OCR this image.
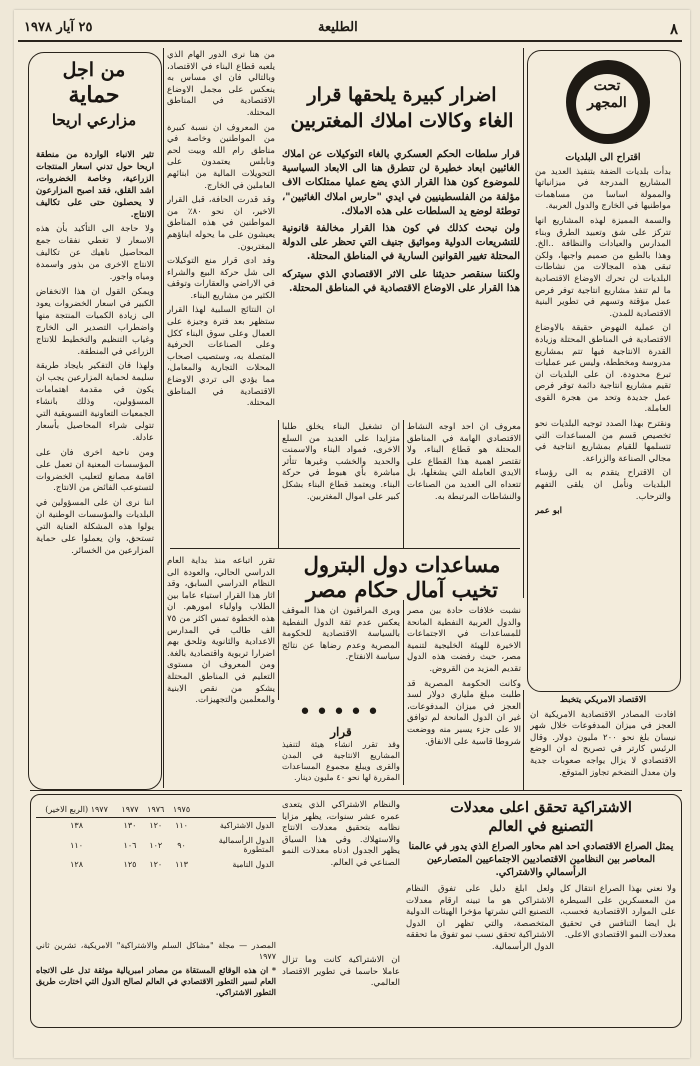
٨
الطليعة
٢٥ آيار ١٩٧٨
تحت
المجهر

اقتراح الى البلديات

بدأت بلديات الضفة بتنفيذ العديد من المشاريع المدرجة في ميزانياتها والممولة اساسا من مساهمات مواطنيها في الخارج والدول العربية.

والسمة المميزة لهذه المشاريع انها تتركز على شق وتعبيد الطرق وبناء المدارس والعيادات والنظافة ..الخ. وهذا بالطبع من صميم واجبها، ولكن تبقى هذه المجالات من نشاطات البلديات لن تحرك الاوضاع الاقتصادية ما لم تنفذ مشاريع انتاجية توفر فرص عمل مؤقتة وتسهم في تطوير البنية الاقتصادية للمدن.

ان عملية النهوض حقيقة بالاوضاع الاقتصادية في المناطق المحتلة وزيادة القدرة الانتاجية فيها تتم بمشاريع مدروسة ومخططة، وليس عبر عمليات تبرع محدودة. ان على البلديات ان تقيم مشاريع انتاجية دائمة توفر فرص عمل جديدة وتحد من هجرة القوى العاملة.

ونقترح بهذا الصدد توجيه البلديات نحو تخصيص قسم من المساعدات التي تتسلمها للقيام بمشاريع انتاجية في مجالي الصناعة والزراعة.

ان الاقتراح يتقدم به الى رؤساء البلديات ونأمل ان يلقى التفهم والترحاب.

ابو عمر

الاقتصاد الامريكي يتخبط

افادت المصادر الاقتصادية الامريكية ان العجز في ميزان المدفوعات خلال شهر نيسان بلغ نحو ٢٠٠ مليون دولار. وقال الرئيس كارتر في تصريح له ان الوضع الاقتصادي لا يزال يواجه صعوبات جدية وان معدل التضخم تجاوز المتوقع.

اضرار كبيرة يلحقها قرار
الغاء وكالات املاك المغتربين

قرار سلطات الحكم العسكري بالغاء التوكيلات عن املاك الغائبين ابعاد خطيرة لن تتطرق هنا الى الابعاد السياسية للموضوع كون هذا القرار الذي يضع عمليا ممتلكات الاف مؤلفة من الفلسطينيين في ايدي "حارس املاك الغائبين"، توطئة لوضع يد السلطات على هذه الاملاك.

ولن نبحث كذلك في كون هذا القرار مخالفة قانونية للتشريعات الدولية ومواثيق جنيف التي تحظر على الدولة المحتلة تغيير القوانين السارية في المناطق المحتلة.

ولكننا سنقصر حديثنا على الاثر الاقتصادي الذي سيتركه هذا القرار على الاوضاع الاقتصادية في المناطق المحتلة.

معروف ان احد اوجه النشاط الاقتصادي الهامة في المناطق المحتلة هو قطاع البناء، ولا تقتصر اهمية هذا القطاع على الايدي العاملة التي يشغلها، بل تتعداه الى العديد من الصناعات والنشاطات المرتبطة به.

ان تشغيل البناء يخلق طلبا متزايدا على العديد من السلع الاخرى، فمواد البناء والاسمنت والحديد والخشب وغيرها تتأثر مباشرة بأي هبوط في حركة البناء. ويعتمد قطاع البناء بشكل كبير على اموال المغتربين.

من هنا نرى الدور الهام الذي يلعبه قطاع البناء في الاقتصاد، وبالتالي فان اي مساس به ينعكس على مجمل الاوضاع الاقتصادية في المناطق المحتلة.

من المعروف ان نسبة كبيرة من المواطنين وخاصة في مناطق رام الله وبيت لحم ونابلس يعتمدون على التحويلات المالية من ابنائهم العاملين في الخارج.

وقد قدرت الحافة، قبل القرار الاخير، ان نحو ٨٠٪ من المواطنين في هذه المناطق يعيشون على ما يحوله ابناؤهم المغتربون.

وقد ادى قرار منع التوكيلات الى شل حركة البيع والشراء في الاراضي والعقارات وتوقف الكثير من مشاريع البناء.

ان النتائج السلبية لهذا القرار ستظهر بعد فترة وجيزة على العمال وعلى سوق البناء ككل وعلى الصناعات الحرفية المتصلة به، وستصيب اصحاب المحلات التجارية والمعامل، مما يؤدي الى تردي الاوضاع الاقتصادية في المناطق المحتلة.

من اجل
حماية
مزارعي اريحا

تثير الانباء الواردة من منطقة اريحا حول تدني اسعار المنتجات الزراعية، وخاصة الخضروات، اشد القلق، فقد اصبح المزارعون لا يحصلون حتى على تكاليف الانتاج.

ولا حاجة الى التأكيد بأن هذه الاسعار لا تغطي نفقات جمع المحاصيل ناهيك عن تكاليف الانتاج الاخرى من بذور واسمدة ومياه واجور.

ويمكن القول ان هذا الانخفاض الكبير في اسعار الخضروات يعود الى زيادة الكميات المنتجة منها واضطراب التصدير الى الخارج وغياب التنظيم والتخطيط للانتاج الزراعي في المنطقة.

ولهذا فان التفكير بايجاد طريقة سليمة لحماية المزارعين يجب ان يكون في مقدمة اهتمامات المسؤولين، وذلك بانشاء الجمعيات التعاونية التسويقية التي تتولى شراء المحاصيل بأسعار عادلة.

ومن ناحية اخرى فان على المؤسسات المعنية ان تعمل على اقامة مصانع لتعليب الخضروات لتستوعب الفائض من الانتاج.

اننا نرى ان على المسؤولين في البلديات والمؤسسات الوطنية ان يولوا هذه المشكلة العناية التي تستحق، وان يعملوا على حماية المزارعين من الخسائر.

مساعدات دول البترول
تخيب آمال حكام مصر

نشبت خلافات حادة بين مصر والدول العربية النفطية المانحة للمساعدات في الاجتماعات الاخيرة للهيئة الخليجية لتنمية مصر، حيث رفضت هذه الدول تقديم المزيد من القروض.

وكانت الحكومة المصرية قد طلبت مبلغ ملياري دولار لسد العجز في ميزان المدفوعات، غير ان الدول المانحة لم توافق الا على جزء يسير منه ووضعت شروطا قاسية على الانفاق.

ويرى المراقبون ان هذا الموقف يعكس عدم ثقة الدول النفطية بالسياسة الاقتصادية للحكومة المصرية وعدم رضاها عن نتائج سياسة الانفتاح.

•••••
قرار
وقد تقرر انشاء هيئة لتنفيذ المشاريع الانتاجية في المدن والقرى ويبلغ مجموع المساعدات المقررة لها نحو ٤٠ مليون دينار.

تقرر اتباعه منذ بداية العام الدراسي الحالي، والعودة الى النظام الدراسي السابق، وقد اثار هذا القرار استياء عاما بين الطلاب واولياء امورهم. ان هذه الخطوة تمس اكثر من ٧٥ الف طالب في المدارس الاعدادية والثانوية وتلحق بهم اضرارا تربوية واقتصادية بالغة. ومن المعروف ان مستوى التعليم في المناطق المحتلة يشكو من نقص الابنية والمعلمين والتجهيزات.

الاشتراكية تحقق اعلى معدلات
التصنيع في العالم
يمثل الصراع الاقتصادي احد اهم محاور الصراع الذي يدور في عالمنا المعاصر بين النظامين الاقتصاديين الاجتماعيين المتصارعين الرأسمالي والاشتراكي.

ولا نعني بهذا الصراع انتقال كل من المعسكرين على السيطرة على الموارد الاقتصادية فحسب، بل ايضا التنافس في تحقيق معدلات النمو الاقتصادي الاعلى.

ولعل ابلغ دليل على تفوق النظام الاشتراكي هو ما تبينه ارقام معدلات التصنيع التي نشرتها مؤخرا الهيئات الدولية المتخصصة، والتي تظهر ان الدول الاشتراكية تحقق نسب نمو تفوق ما تحققه الدول الرأسمالية.

والنظام الاشتراكي الذي يتعدى عمره عشر سنوات، يظهر مزايا نظامه بتحقيق معدلات الانتاج والاستهلاك. وفي هذا السياق يظهر الجدول ادناه معدلات النمو الصناعي في العالم.

ان الاشتراكية كانت وما تزال عاملا حاسما في تطوير الاقتصاد العالمي.

	١٩٧٥	١٩٧٦	١٩٧٧	١٩٧٧ (الربع الاخير)
الدول الاشتراكية	١١٠	١٢٠	١٣٠	١٣٨
الدول الرأسمالية المتطورة	٩٠	١٠٢	١٠٦	١١٠
الدول النامية	١١٣	١٢٠	١٢٥	١٢٨

المصدر — مجلة "مشاكل السلم والاشتراكية" الامريكية، تشرين ثاني ١٩٧٧

* ان هذه الوقائع المستقاة من مصادر امبريالية موثقة تدل على الاتجاه العام لسير التطور الاقتصادي في العالم لصالح الدول التي اختارت طريق التطور الاشتراكي.
